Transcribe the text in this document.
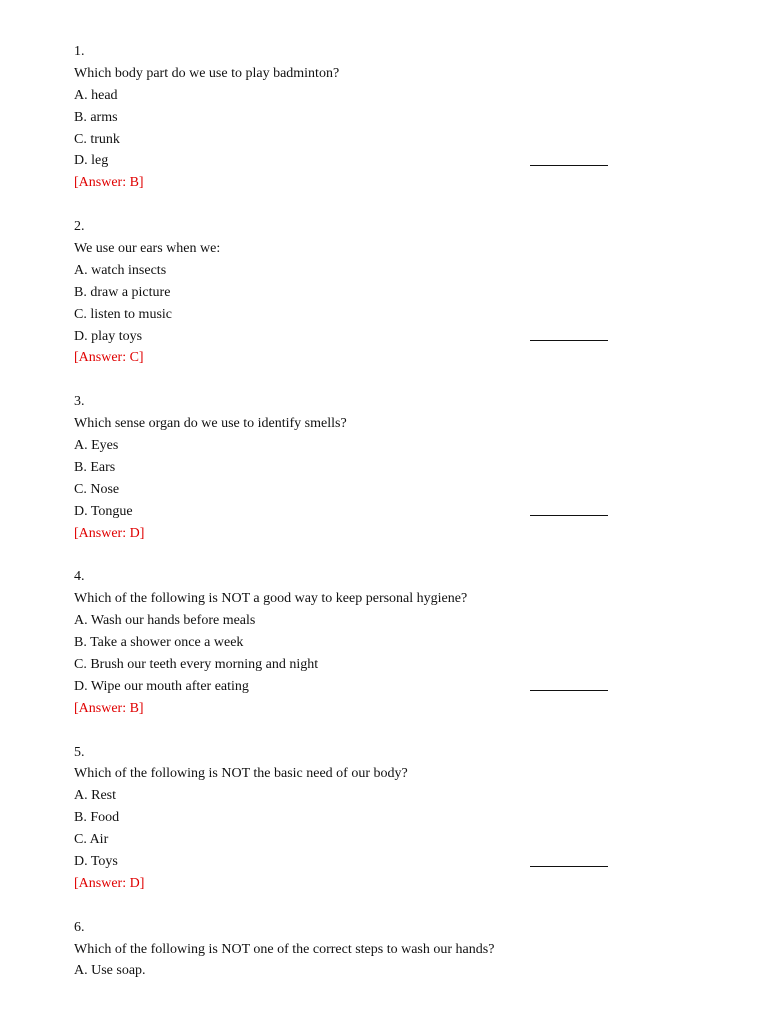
1.
Which body part do we use to play badminton?
A. head
B. arms
C. trunk
D. leg
[Answer: B]
2.
We use our ears when we:
A. watch insects
B. draw a picture
C. listen to music
D. play toys
[Answer: C]
3.
Which sense organ do we use to identify smells?
A. Eyes
B. Ears
C. Nose
D. Tongue
[Answer: D]
4.
Which of the following is NOT a good way to keep personal hygiene?
A. Wash our hands before meals
B. Take a shower once a week
C. Brush our teeth every morning and night
D. Wipe our mouth after eating
[Answer: B]
5.
Which of the following is NOT the basic need of our body?
A. Rest
B. Food
C. Air
D. Toys
[Answer: D]
6.
Which of the following is NOT one of the correct steps to wash our hands?
A. Use soap.
